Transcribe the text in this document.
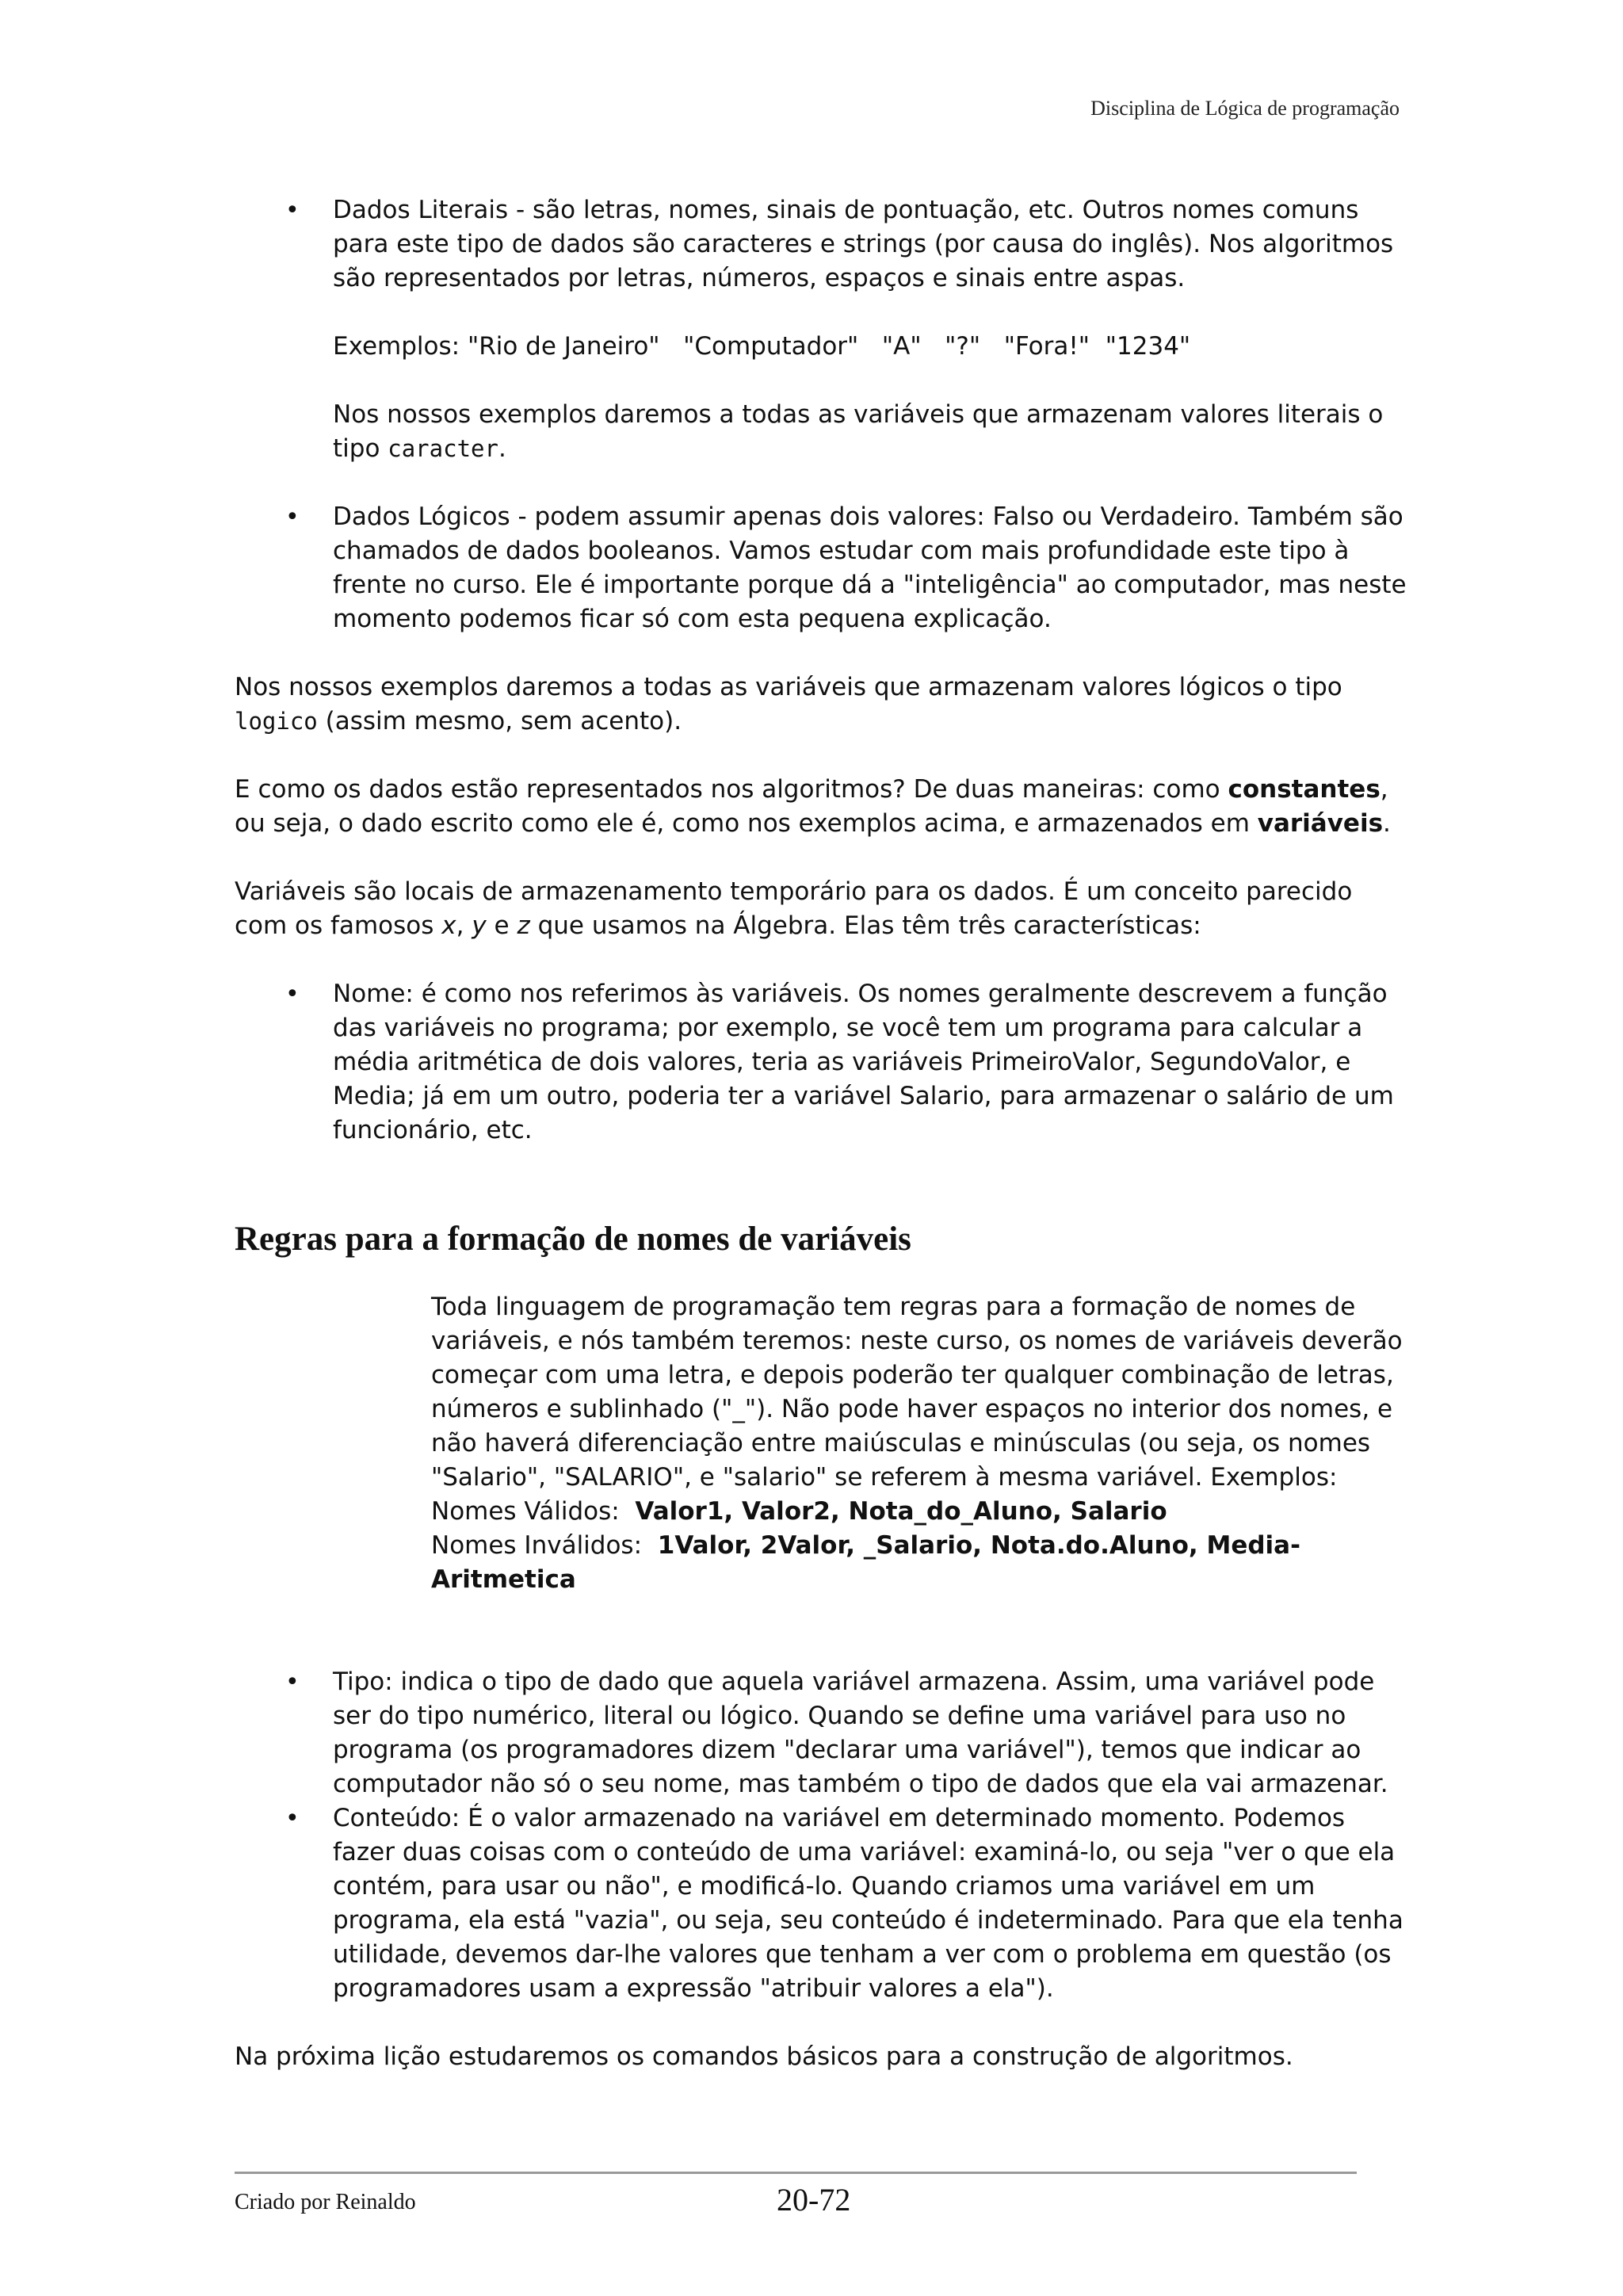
Disciplina de Lógica de programação
• Dados Literais - são letras, nomes, sinais de pontuação, etc. Outros nomes comuns para este tipo de dados são caracteres e strings (por causa do inglês). Nos algoritmos são representados por letras, números, espaços e sinais entre aspas.

Exemplos: "Rio de Janeiro"   "Computador"   "A"   "?"   "Fora!"  "1234"

Nos nossos exemplos daremos a todas as variáveis que armazenam valores literais o tipo caracter.

• Dados Lógicos - podem assumir apenas dois valores: Falso ou Verdadeiro. Também são chamados de dados booleanos. Vamos estudar com mais profundidade este tipo à frente no curso. Ele é importante porque dá a "inteligência" ao computador, mas neste momento podemos ficar só com esta pequena explicação.

Nos nossos exemplos daremos a todas as variáveis que armazenam valores lógicos o tipo logico (assim mesmo, sem acento).

E como os dados estão representados nos algoritmos? De duas maneiras: como constantes, ou seja, o dado escrito como ele é, como nos exemplos acima, e armazenados em variáveis.

Variáveis são locais de armazenamento temporário para os dados. É um conceito parecido com os famosos x, y e z que usamos na Álgebra. Elas têm três características:

• Nome: é como nos referimos às variáveis. Os nomes geralmente descrevem a função das variáveis no programa; por exemplo, se você tem um programa para calcular a média aritmética de dois valores, teria as variáveis PrimeiroValor, SegundoValor, e Media; já em um outro, poderia ter a variável Salario, para armazenar o salário de um funcionário, etc.

Regras para a formação de nomes de variáveis

Toda linguagem de programação tem regras para a formação de nomes de variáveis, e nós também teremos: neste curso, os nomes de variáveis deverão começar com uma letra, e depois poderão ter qualquer combinação de letras, números e sublinhado ("_"). Não pode haver espaços no interior dos nomes, e não haverá diferenciação entre maiúsculas e minúsculas (ou seja, os nomes "Salario", "SALARIO", e "salario" se referem à mesma variável. Exemplos:

Nomes Válidos:  Valor1, Valor2, Nota_do_Aluno, Salario

Nomes Inválidos:  1Valor, 2Valor, _Salario, Nota.do.Aluno, Media-Aritmetica

• Tipo: indica o tipo de dado que aquela variável armazena. Assim, uma variável pode ser do tipo numérico, literal ou lógico. Quando se define uma variável para uso no programa (os programadores dizem "declarar uma variável"), temos que indicar ao computador não só o seu nome, mas também o tipo de dados que ela vai armazenar.

• Conteúdo: É o valor armazenado na variável em determinado momento. Podemos fazer duas coisas com o conteúdo de uma variável: examiná-lo, ou seja "ver o que ela contém, para usar ou não", e modificá-lo. Quando criamos uma variável em um programa, ela está "vazia", ou seja, seu conteúdo é indeterminado. Para que ela tenha utilidade, devemos dar-lhe valores que tenham a ver com o problema em questão (os programadores usam a expressão "atribuir valores a ela").

Na próxima lição estudaremos os comandos básicos para a construção de algoritmos.

Criado por Reinaldo	20-72
